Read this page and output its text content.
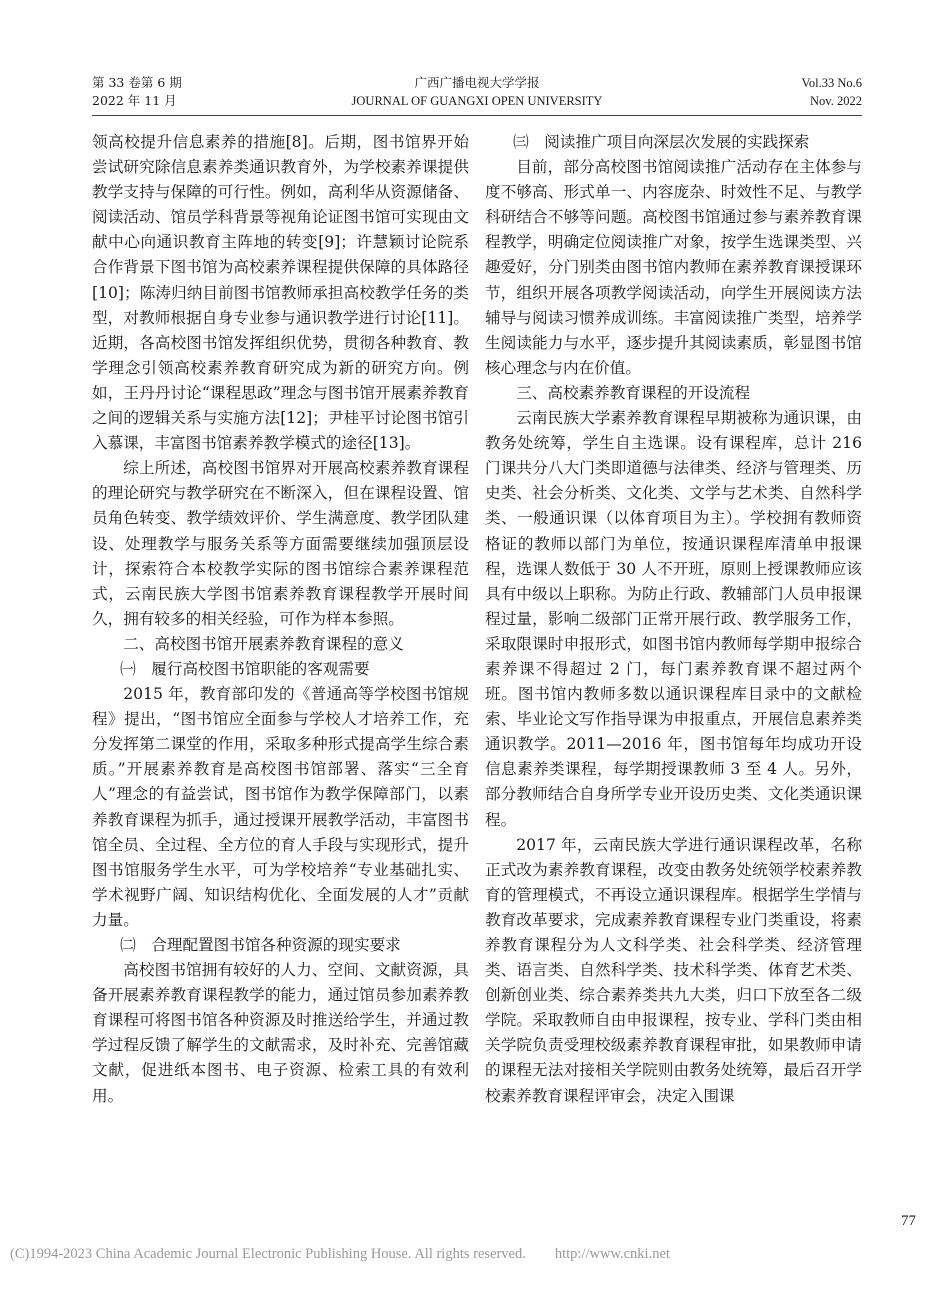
第 33 卷第 6 期
2022 年 11 月
广西广播电视大学学报
JOURNAL OF GUANGXI OPEN UNIVERSITY
Vol.33 No.6
Nov. 2022

领高校提升信息素养的措施[8]。后期，图书馆界开始尝试研究除信息素养类通识教育外，为学校素养课提供教学支持与保障的可行性。例如，高利华从资源储备、阅读活动、馆员学科背景等视角论证图书馆可实现由文献中心向通识教育主阵地的转变[9]；许慧颖讨论院系合作背景下图书馆为高校素养课程提供保障的具体路径[10]；陈涛归纳目前图书馆教师承担高校教学任务的类型，对教师根据自身专业参与通识教学进行讨论[11]。近期，各高校图书馆发挥组织优势，贯彻各种教育、教学理念引领高校素养教育研究成为新的研究方向。例如，王丹丹讨论“课程思政”理念与图书馆开展素养教育之间的逻辑关系与实施方法[12]；尹桂平讨论图书馆引入慕课，丰富图书馆素养教学模式的途径[13]。

综上所述，高校图书馆界对开展高校素养教育课程的理论研究与教学研究在不断深入，但在课程设置、馆员角色转变、教学绩效评价、学生满意度、教学团队建设、处理教学与服务关系等方面需要继续加强顶层设计，探索符合本校教学实际的图书馆综合素养课程范式，云南民族大学图书馆素养教育课程教学开展时间久，拥有较多的相关经验，可作为样本参照。

二、高校图书馆开展素养教育课程的意义

㈠　履行高校图书馆职能的客观需要

2015 年，教育部印发的《普通高等学校图书馆规程》提出，“图书馆应全面参与学校人才培养工作，充分发挥第二课堂的作用，采取多种形式提高学生综合素质。”开展素养教育是高校图书馆部署、落实“三全育人”理念的有益尝试，图书馆作为教学保障部门，以素养教育课程为抓手，通过授课开展教学活动，丰富图书馆全员、全过程、全方位的育人手段与实现形式，提升图书馆服务学生水平，可为学校培养“专业基础扎实、学术视野广阔、知识结构优化、全面发展的人才”贡献力量。

㈡　合理配置图书馆各种资源的现实要求

高校图书馆拥有较好的人力、空间、文献资源，具备开展素养教育课程教学的能力，通过馆员参加素养教育课程可将图书馆各种资源及时推送给学生，并通过教学过程反馈了解学生的文献需求，及时补充、完善馆藏文献，促进纸本图书、电子资源、检索工具的有效利用。

㈢　阅读推广项目向深层次发展的实践探索

目前，部分高校图书馆阅读推广活动存在主体参与度不够高、形式单一、内容庞杂、时效性不足、与教学科研结合不够等问题。高校图书馆通过参与素养教育课程教学，明确定位阅读推广对象，按学生选课类型、兴趣爱好，分门别类由图书馆内教师在素养教育课授课环节，组织开展各项教学阅读活动，向学生开展阅读方法辅导与阅读习惯养成训练。丰富阅读推广类型，培养学生阅读能力与水平，逐步提升其阅读素质，彰显图书馆核心理念与内在价值。

三、高校素养教育课程的开设流程

云南民族大学素养教育课程早期被称为通识课，由教务处统筹，学生自主选课。设有课程库，总计 216 门课共分八大门类即道德与法律类、经济与管理类、历史类、社会分析类、文化类、文学与艺术类、自然科学类、一般通识课（以体育项目为主）。学校拥有教师资格证的教师以部门为单位，按通识课程库清单申报课程，选课人数低于 30 人不开班，原则上授课教师应该具有中级以上职称。为防止行政、教辅部门人员申报课程过量，影响二级部门正常开展行政、教学服务工作，采取限课时申报形式，如图书馆内教师每学期申报综合素养课不得超过 2 门，每门素养教育课不超过两个班。图书馆内教师多数以通识课程库目录中的文献检索、毕业论文写作指导课为申报重点，开展信息素养类通识教学。2011—2016 年，图书馆每年均成功开设信息素养类课程，每学期授课教师 3 至 4 人。另外，部分教师结合自身所学专业开设历史类、文化类通识课程。

2017 年，云南民族大学进行通识课程改革，名称正式改为素养教育课程，改变由教务处统领学校素养教育的管理模式，不再设立通识课程库。根据学生学情与教育改革要求，完成素养教育课程专业门类重设，将素养教育课程分为人文科学类、社会科学类、经济管理类、语言类、自然科学类、技术科学类、体育艺术类、创新创业类、综合素养类共九大类，归口下放至各二级学院。采取教师自由申报课程，按专业、学科门类由相关学院负责受理校级素养教育课程审批，如果教师申请的课程无法对接相关学院则由教务处统筹，最后召开学校素养教育课程评审会，决定入围课

77
(C)1994-2023 China Academic Journal Electronic Publishing House. All rights reserved.　　http://www.cnki.net
